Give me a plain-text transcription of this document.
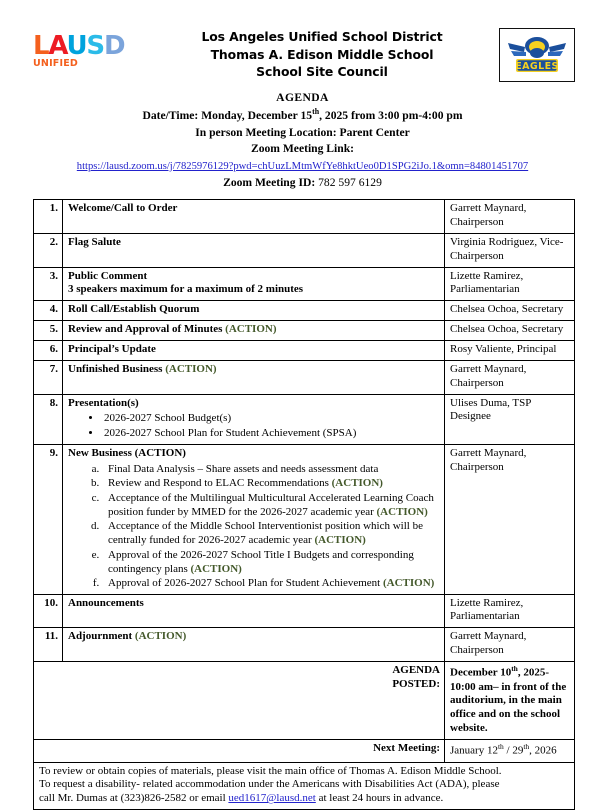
LAUSD
UNIFIED
Los Angeles Unified School District
Thomas A. Edison Middle School
School Site Council	EAGLES
AGENDA
Date/Time: Monday, December 15th, 2025 from 3:00 pm-4:00 pm
In person Meeting Location: Parent Center
Zoom Meeting Link:
https://lausd.zoom.us/j/7825976129?pwd=chUuzLMtmWfYe8hktUeo0D1SPG2iJo.1&omn=84801451707
Zoom Meeting ID: 782 597 6129
1.	Welcome/Call to Order	Garrett Maynard, Chairperson
2.	Flag Salute	Virginia Rodriguez, Vice-Chairperson
3.	Public Comment
3 speakers maximum for a maximum of 2 minutes	Lizette Ramirez, Parliamentarian
4.	Roll Call/Establish Quorum	Chelsea Ochoa, Secretary
5.	Review and Approval of Minutes (ACTION)	Chelsea Ochoa, Secretary
6.	Principal’s Update	Rosy Valiente, Principal
7.	Unfinished Business (ACTION)	Garrett Maynard, Chairperson
8.	Presentation(s)
• 2026-2027 School Budget(s)
• 2026-2027 School Plan for Student Achievement (SPSA)
	Ulises Duma, TSP Designee
9.	New Business (ACTION)
a. Final Data Analysis – Share assets and needs assessment data
b. Review and Respond to ELAC Recommendations (ACTION)
c. Acceptance of the Multilingual Multicultural Accelerated Learning Coach position funder by MMED for the 2026-2027 academic year (ACTION)
d. Acceptance of the Middle School Interventionist position which will be centrally funded for 2026-2027 academic year (ACTION)
e. Approval of the 2026-2027 School Title I Budgets and corresponding contingency plans (ACTION)
f. Approval of 2026-2027 School Plan for Student Achievement (ACTION)
	Garrett Maynard, Chairperson
10.	Announcements	Lizette Ramirez, Parliamentarian
11.	Adjournment (ACTION)	Garrett Maynard, Chairperson

AGENDA
POSTED:		December 10th, 2025- 10:00 am– in front of the auditorium, in the main office and on the school website.
Next Meeting:		January 12th / 29th, 2026

To review or obtain copies of materials, please visit the main office of Thomas A. Edison Middle School.
To request a disability- related accommodation under the Americans with Disabilities Act (ADA), please
call Mr. Dumas at (323)826-2582 or email ued1617@lausd.net at least 24 hours in advance.		
